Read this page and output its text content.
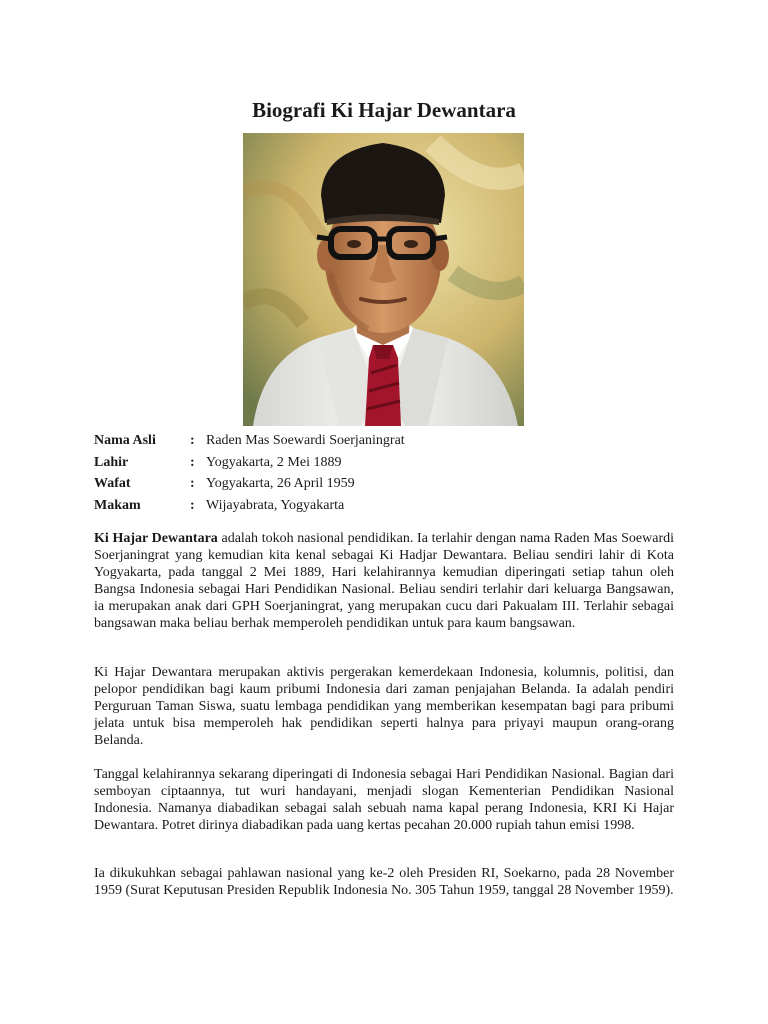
Biografi Ki Hajar Dewantara
Nama Asli	: Raden Mas Soewardi Soerjaningrat
Lahir	: Yogyakarta, 2 Mei 1889
Wafat	: Yogyakarta, 26 April 1959
Makam	: Wijayabrata, Yogyakarta

Ki Hajar Dewantara adalah tokoh nasional pendidikan. Ia terlahir dengan nama Raden Mas Soewardi Soerjaningrat yang kemudian kita kenal sebagai Ki Hadjar Dewantara. Beliau sendiri lahir di Kota Yogyakarta, pada tanggal 2 Mei 1889, Hari kelahirannya kemudian diperingati setiap tahun oleh Bangsa Indonesia sebagai Hari Pendidikan Nasional. Beliau sendiri terlahir dari keluarga Bangsawan, ia merupakan anak dari GPH Soerjaningrat, yang merupakan cucu dari Pakualam III. Terlahir sebagai bangsawan maka beliau berhak memperoleh pendidikan untuk para kaum bangsawan.

Ki Hajar Dewantara merupakan aktivis pergerakan kemerdekaan Indonesia, kolumnis, politisi, dan pelopor pendidikan bagi kaum pribumi Indonesia dari zaman penjajahan Belanda. Ia adalah pendiri Perguruan Taman Siswa, suatu lembaga pendidikan yang memberikan kesempatan bagi para pribumi jelata untuk bisa memperoleh hak pendidikan seperti halnya para priyayi maupun orang-orang Belanda.

Tanggal kelahirannya sekarang diperingati di Indonesia sebagai Hari Pendidikan Nasional. Bagian dari semboyan ciptaannya, tut wuri handayani, menjadi slogan Kementerian Pendidikan Nasional Indonesia. Namanya diabadikan sebagai salah sebuah nama kapal perang Indonesia, KRI Ki Hajar Dewantara. Potret dirinya diabadikan pada uang kertas pecahan 20.000 rupiah tahun emisi 1998.

Ia dikukuhkan sebagai pahlawan nasional yang ke-2 oleh Presiden RI, Soekarno, pada 28 November 1959 (Surat Keputusan Presiden Republik Indonesia No. 305 Tahun 1959, tanggal 28 November 1959).
